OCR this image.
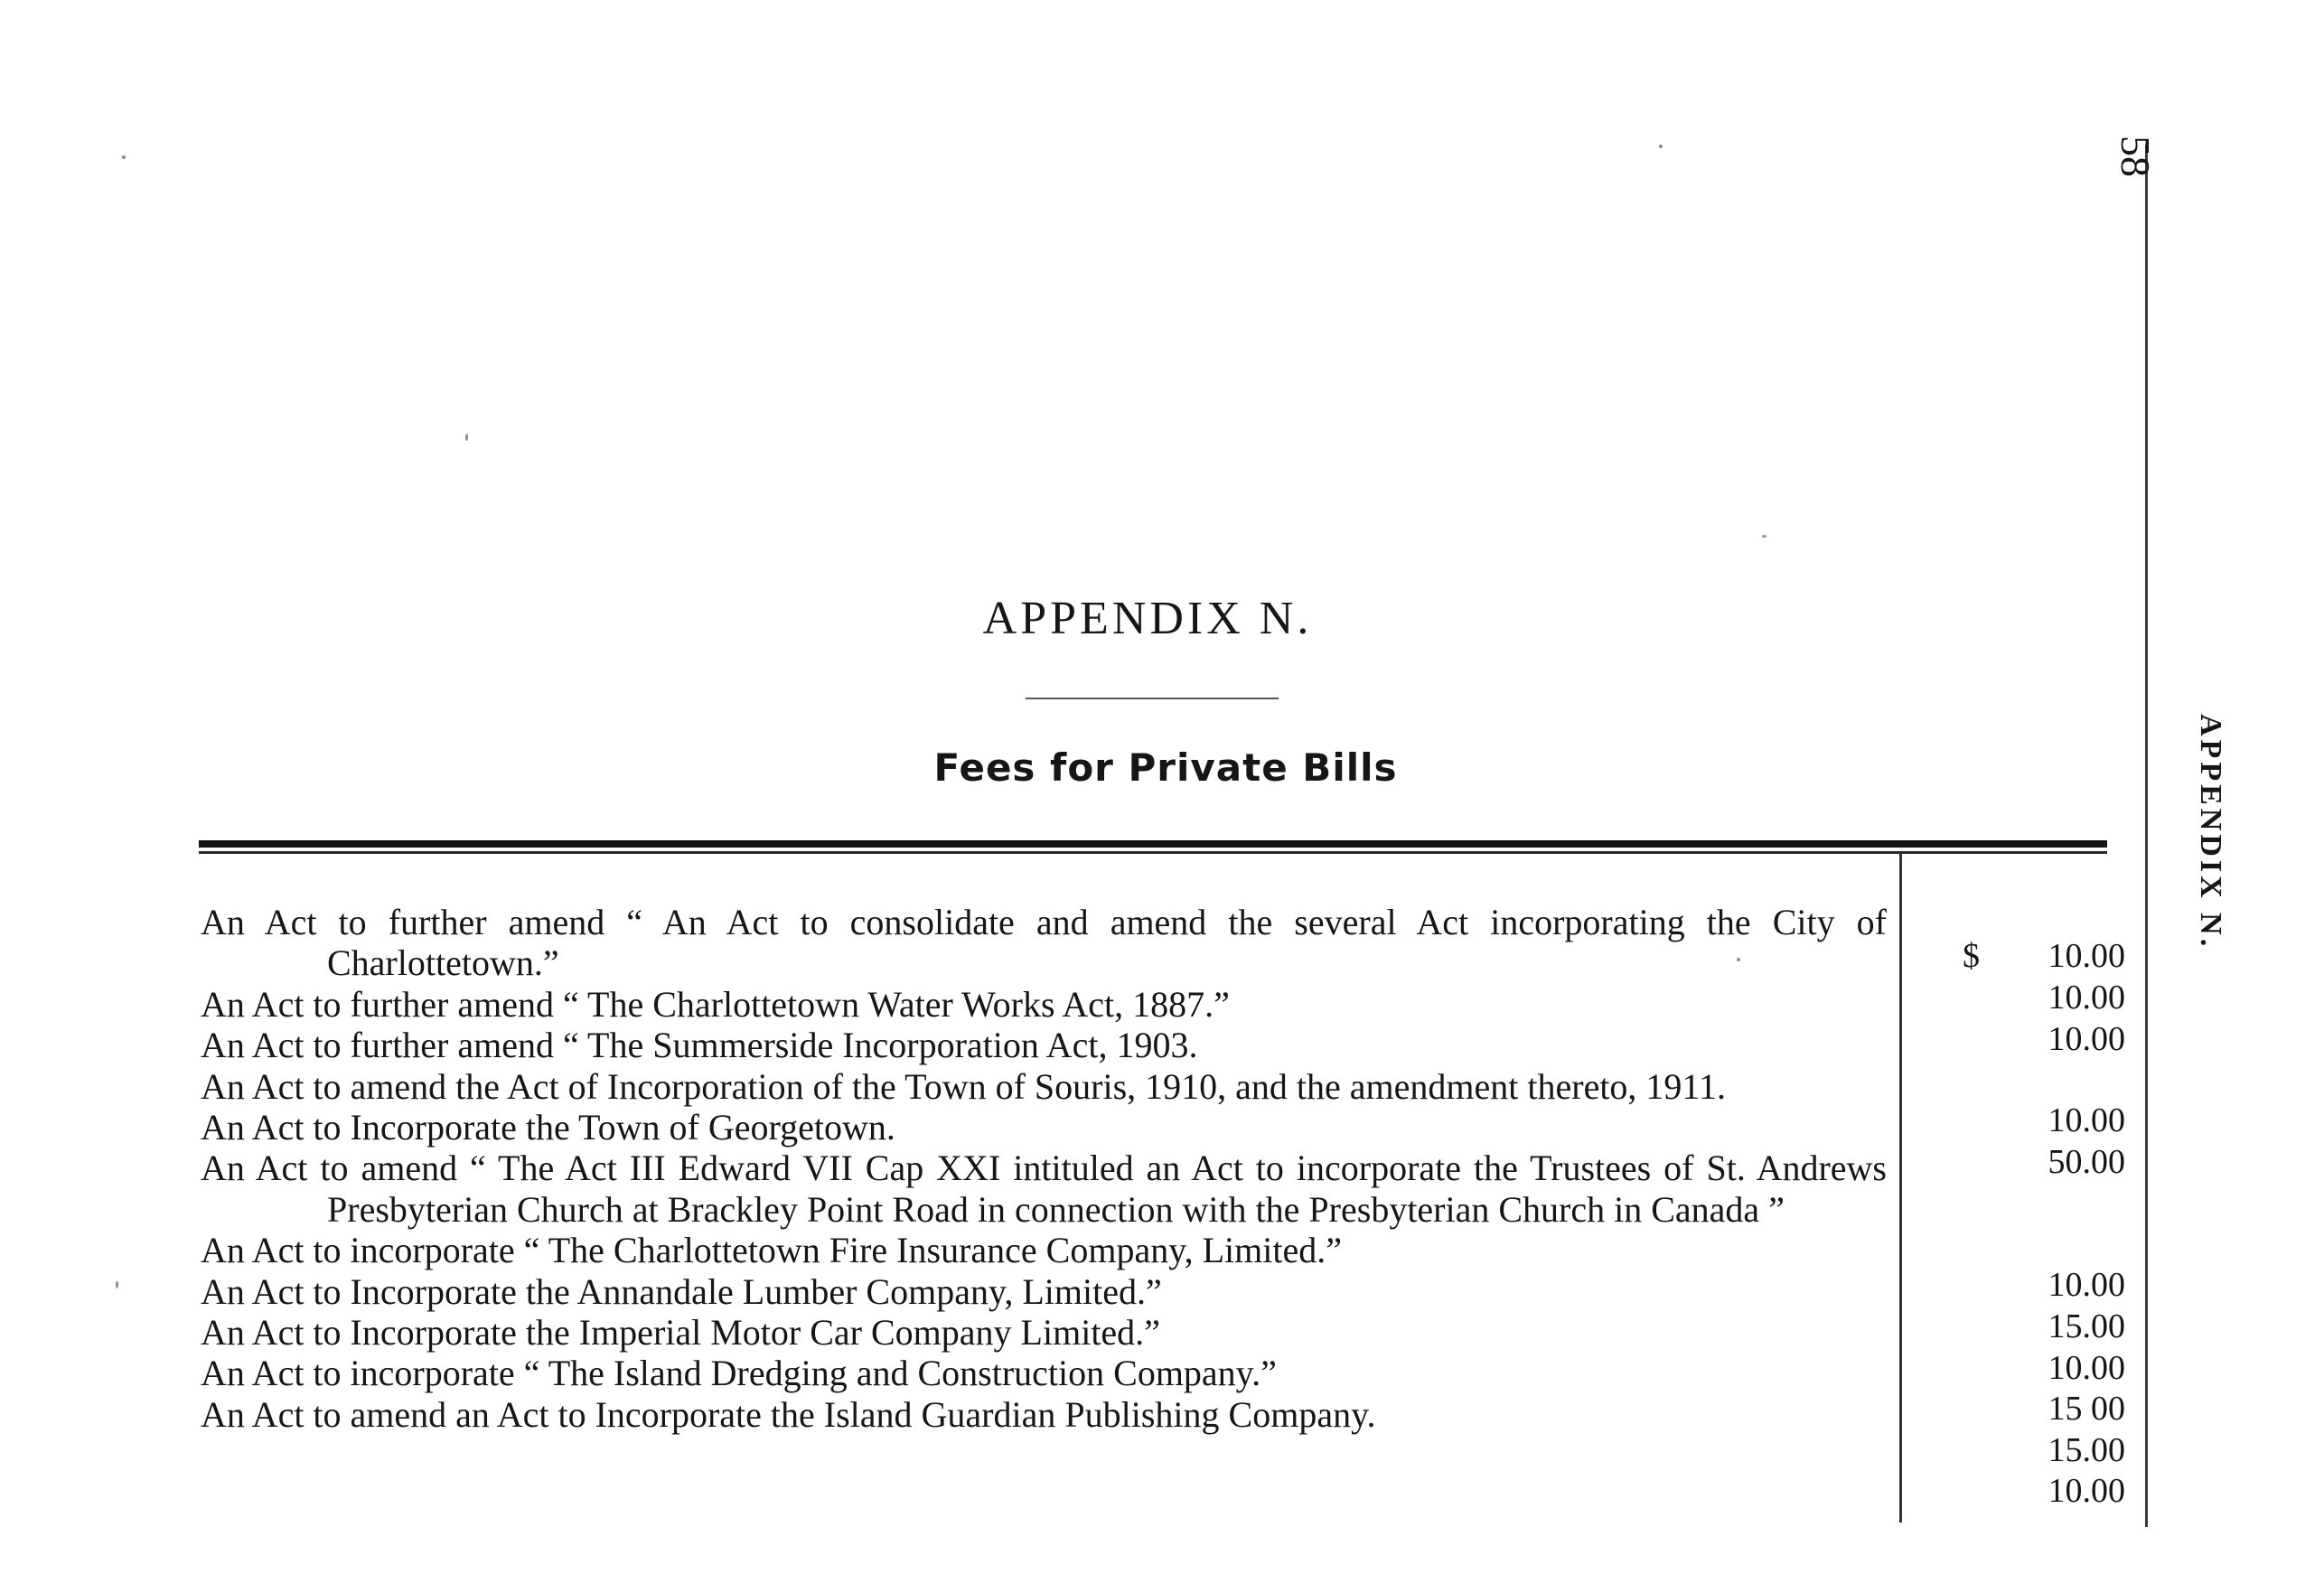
58
APPENDIX N.
APPENDIX N.
Fees for Private Bills
An Act to further amend “ An Act to consolidate and amend the several Act incorporating the City of Charlottetown.”
An Act to further amend “ The Charlottetown Water Works Act, 1887.”
An Act to further amend “ The Summerside Incorporation Act, 1903.
An Act to amend the Act of Incorporation of the Town of Souris, 1910, and the amendment thereto, 1911.
An Act to Incorporate the Town of Georgetown.
An Act to amend “ The Act III Edward VII Cap XXI intituled an Act to incorporate the Trustees of St. Andrews Presbyterian Church at Brackley Point Road in connection with the Presbyterian Church in Canada ”
An Act to incorporate “ The Charlottetown Fire Insurance Company, Limited.”
An Act to Incorporate the Annandale Lumber Company, Limited.”
An Act to Incorporate the Imperial Motor Car Company Limited.”
An Act to incorporate “ The Island Dredging and Construction Company.”
An Act to amend an Act to Incorporate the Island Guardian Publishing Company.
$	10.00
10.00
10.00
10.00
50.00
10.00
15.00
10.00
15 00
15.00
10.00
